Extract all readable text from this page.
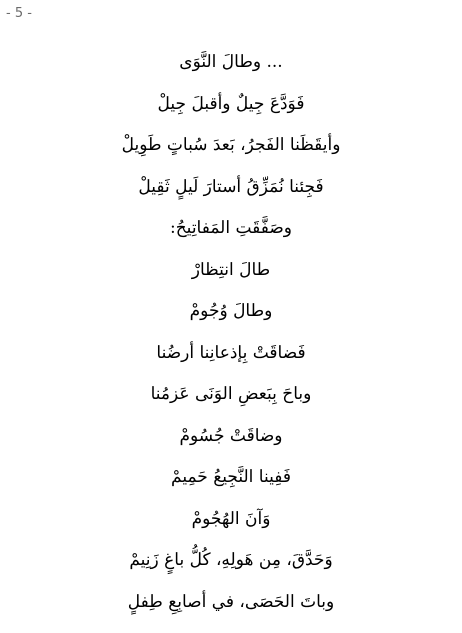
- 5 -
... وطالَ النَّوَى
فَوَدَّعَ جِيلٌ وأقبلَ جِيلْ
وأيقَظَنا الفَجرُ، بَعدَ سُباتٍ طَوِيلْ
فَجِئنا نُمَزِّقُ أستارَ لَيلٍ ثَقِيلْ
وصَفَّقَتِ المَفاتِيحُ:
طالَ انتِظارْ
وطالَ وُجُومْ
فَضاقَتْ بِإذعانِنا أرضُنا
وباحَ بِبَعضِ الوَنَى عَزمُنا
وضاقَتْ جُسُومْ
فَفِينا النَّجِيعُ حَمِيمْ
وَآنَ الهُجُومْ
وَحَدَّقَ، مِن هَولِهِ، كُلُّ باغٍ زَنِيمْ
وباتَ الحَصَى، في أصابِعِ طِفلٍ
